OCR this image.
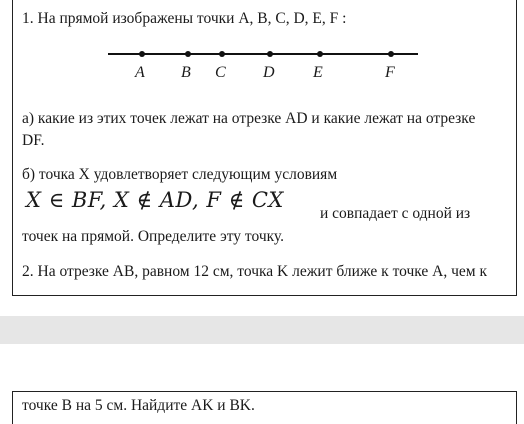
1. На прямой изображены точки A, B, C, D, E, F :
A B C D E	F
а) какие из этих точек лежат на отрезке AD и какие лежат на отрезке
DF.
б) точка X удовлетворяет следующим условиям
X ∈ BF, X ∉ AD, F ∉ CX
и совпадает с одной из
точек на прямой. Определите эту точку.
2. На отрезке AB, равном 12 см, точка K лежит ближе к точке A, чем к
точке B на 5 см. Найдите AK и BK.
